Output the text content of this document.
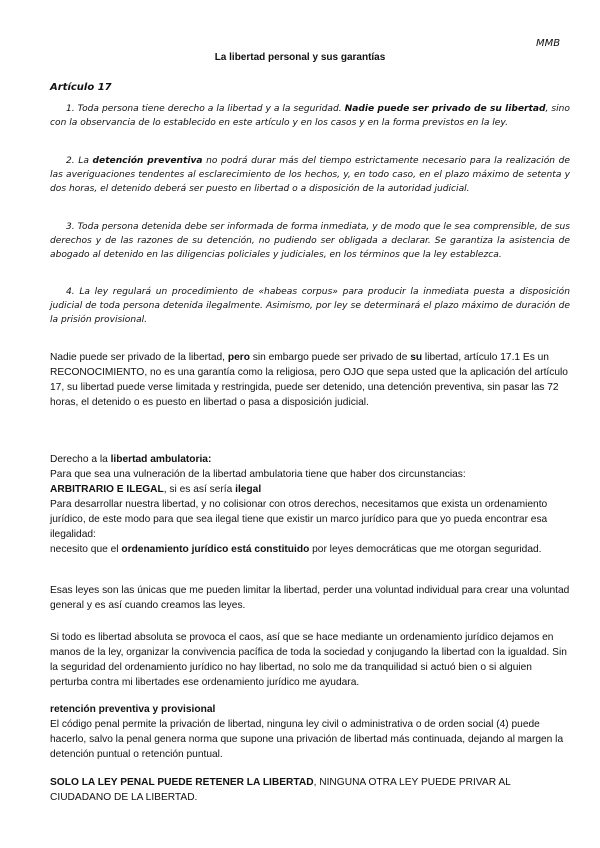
MMB
La libertad personal y sus garantías
Artículo 17
1. Toda persona tiene derecho a la libertad y a la seguridad. Nadie puede ser privado de su libertad, sino con la observancia de lo establecido en este artículo y en los casos y en la forma previstos en la ley.
2. La detención preventiva no podrá durar más del tiempo estrictamente necesario para la realización de las averiguaciones tendentes al esclarecimiento de los hechos, y, en todo caso, en el plazo máximo de setenta y dos horas, el detenido deberá ser puesto en libertad o a disposición de la autoridad judicial.
3. Toda persona detenida debe ser informada de forma inmediata, y de modo que le sea comprensible, de sus derechos y de las razones de su detención, no pudiendo ser obligada a declarar. Se garantiza la asistencia de abogado al detenido en las diligencias policiales y judiciales, en los términos que la ley establezca.
4. La ley regulará un procedimiento de «habeas corpus» para producir la inmediata puesta a disposición judicial de toda persona detenida ilegalmente. Asimismo, por ley se determinará el plazo máximo de duración de la prisión provisional.
Nadie puede ser privado de la libertad, pero sin embargo puede ser privado de su libertad, artículo 17.1 Es un RECONOCIMIENTO, no es una garantía como la religiosa, pero OJO que sepa usted que la aplicación del artículo 17, su libertad puede verse limitada y restringida, puede ser detenido, una detención preventiva, sin pasar las 72 horas, el detenido o es puesto en libertad o pasa a disposición judicial.
Derecho a la libertad ambulatoria:
Para que sea una vulneración de la libertad ambulatoria tiene que haber dos circunstancias:
ARBITRARIO E ILEGAL, si es así sería ilegal
Para desarrollar nuestra libertad, y no colisionar con otros derechos, necesitamos que exista un ordenamiento jurídico, de este modo para que sea ilegal tiene que existir un marco jurídico para que yo pueda encontrar esa ilegalidad:
necesito que el ordenamiento jurídico está constituido por leyes democráticas que me otorgan seguridad.
Esas leyes son las únicas que me pueden limitar la libertad, perder una voluntad individual para crear una voluntad general y es así cuando creamos las leyes.
Si todo es libertad absoluta se provoca el caos, así que se hace mediante un ordenamiento jurídico dejamos en manos de la ley, organizar la convivencia pacífica de toda la sociedad y conjugando la libertad con la igualdad. Sin la seguridad del ordenamiento jurídico no hay libertad, no solo me da tranquilidad si actuó bien o si alguien perturba contra mi libertades ese ordenamiento jurídico me ayudara.
retención preventiva y provisional
El código penal permite la privación de libertad, ninguna ley civil o administrativa o de orden social (4) puede hacerlo, salvo la penal genera norma que supone una privación de libertad más continuada, dejando al margen la detención puntual o retención puntual.
SOLO LA LEY PENAL PUEDE RETENER LA LIBERTAD, NINGUNA OTRA LEY PUEDE PRIVAR AL CIUDADANO DE LA LIBERTAD.
